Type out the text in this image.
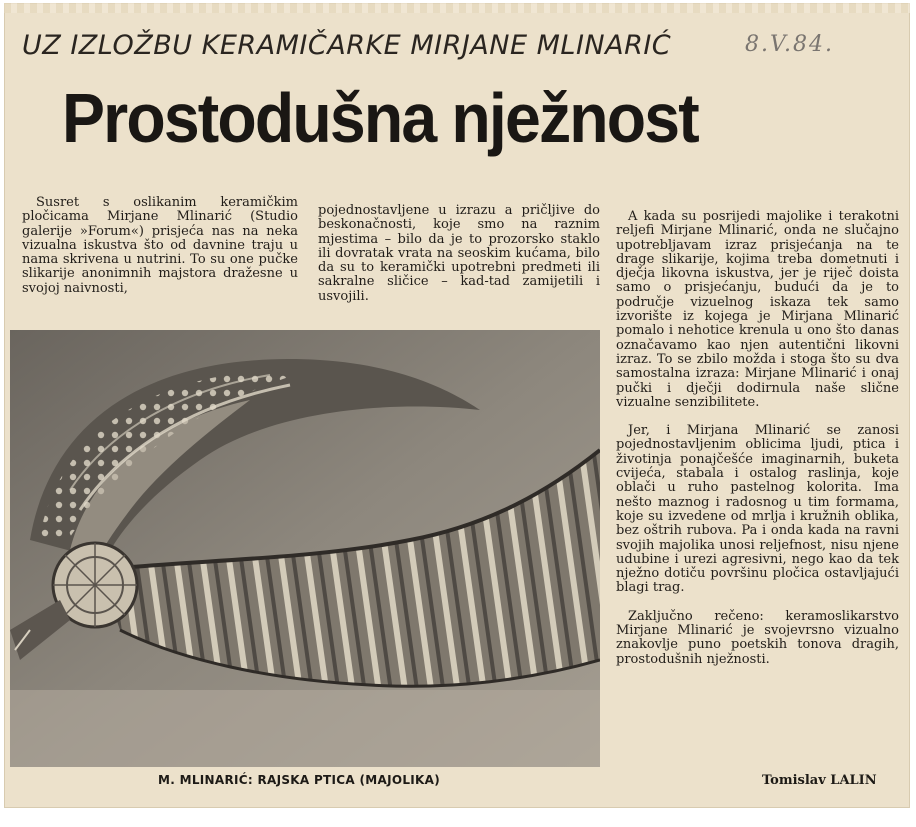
UZ IZLOŽBU KERAMIČARKE MIRJANE MLINARIĆ	8.V.84.
Prostodušna nježnost
Susret s oslikanim keramičkim pločicama Mirjane Mlinarić (Studio galerije »Forum«) prisjeća nas na neka vizualna iskustva što od davnine traju u nama skrivena u nutrini. To su one pučke slikarije anonimnih majstora dražesne u svojoj naivnosti,
pojednostavljene u izrazu a pričljive do beskonačnosti, koje smo na raznim mjestima – bilo da je to prozorsko staklo ili dovratak vrata na seoskim kućama, bilo da su to keramički upotrebni predmeti ili sakralne sličice – kad-tad zamijetili i usvojili.

A kada su posrijedi majolike i terakotni reljefi Mirjane Mlinarić, onda ne slučajno upotrebljavam izraz prisjećanja na te drage slikarije, kojima treba dometnuti i dječja likovna iskustva, jer je riječ doista samo o prisjećanju, budući da je to područje vizuelnog iskaza tek samo izvorište iz kojega je Mirjana Mlinarić pomalo i nehotice krenula u ono što danas označavamo kao njen autentični likovni izraz. To se zbilo možda i stoga što su dva samostalna izraza: Mirjane Mlinarić i onaj pučki i dječji dodirnula naše slične vizualne senzibilitete.

Jer, i Mirjana Mlinarić se zanosi pojednostavljenim oblicima ljudi, ptica i životinja ponajčešće imaginarnih, buketa cvijeća, stabala i ostalog raslinja, koje oblači u ruho pastelnog kolorita. Ima nešto maznog i radosnog u tim formama, koje su izvedene od mrlja i kružnih oblika, bez oštrih rubova. Pa i onda kada na ravni svojih majolika unosi reljefnost, nisu njene udubine i urezi agresivni, nego kao da tek nježno dotiču površinu pločica ostavljajući blagi trag.

Zaključno rečeno: keramoslikarstvo Mirjane Mlinarić je svojevrsno vizualno znakovlje puno poetskih tonova dragih, prostodušnih nježnosti.

M. MLINARIĆ: RAJSKA PTICA (MAJOLIKA)	Tomislav LALIN
